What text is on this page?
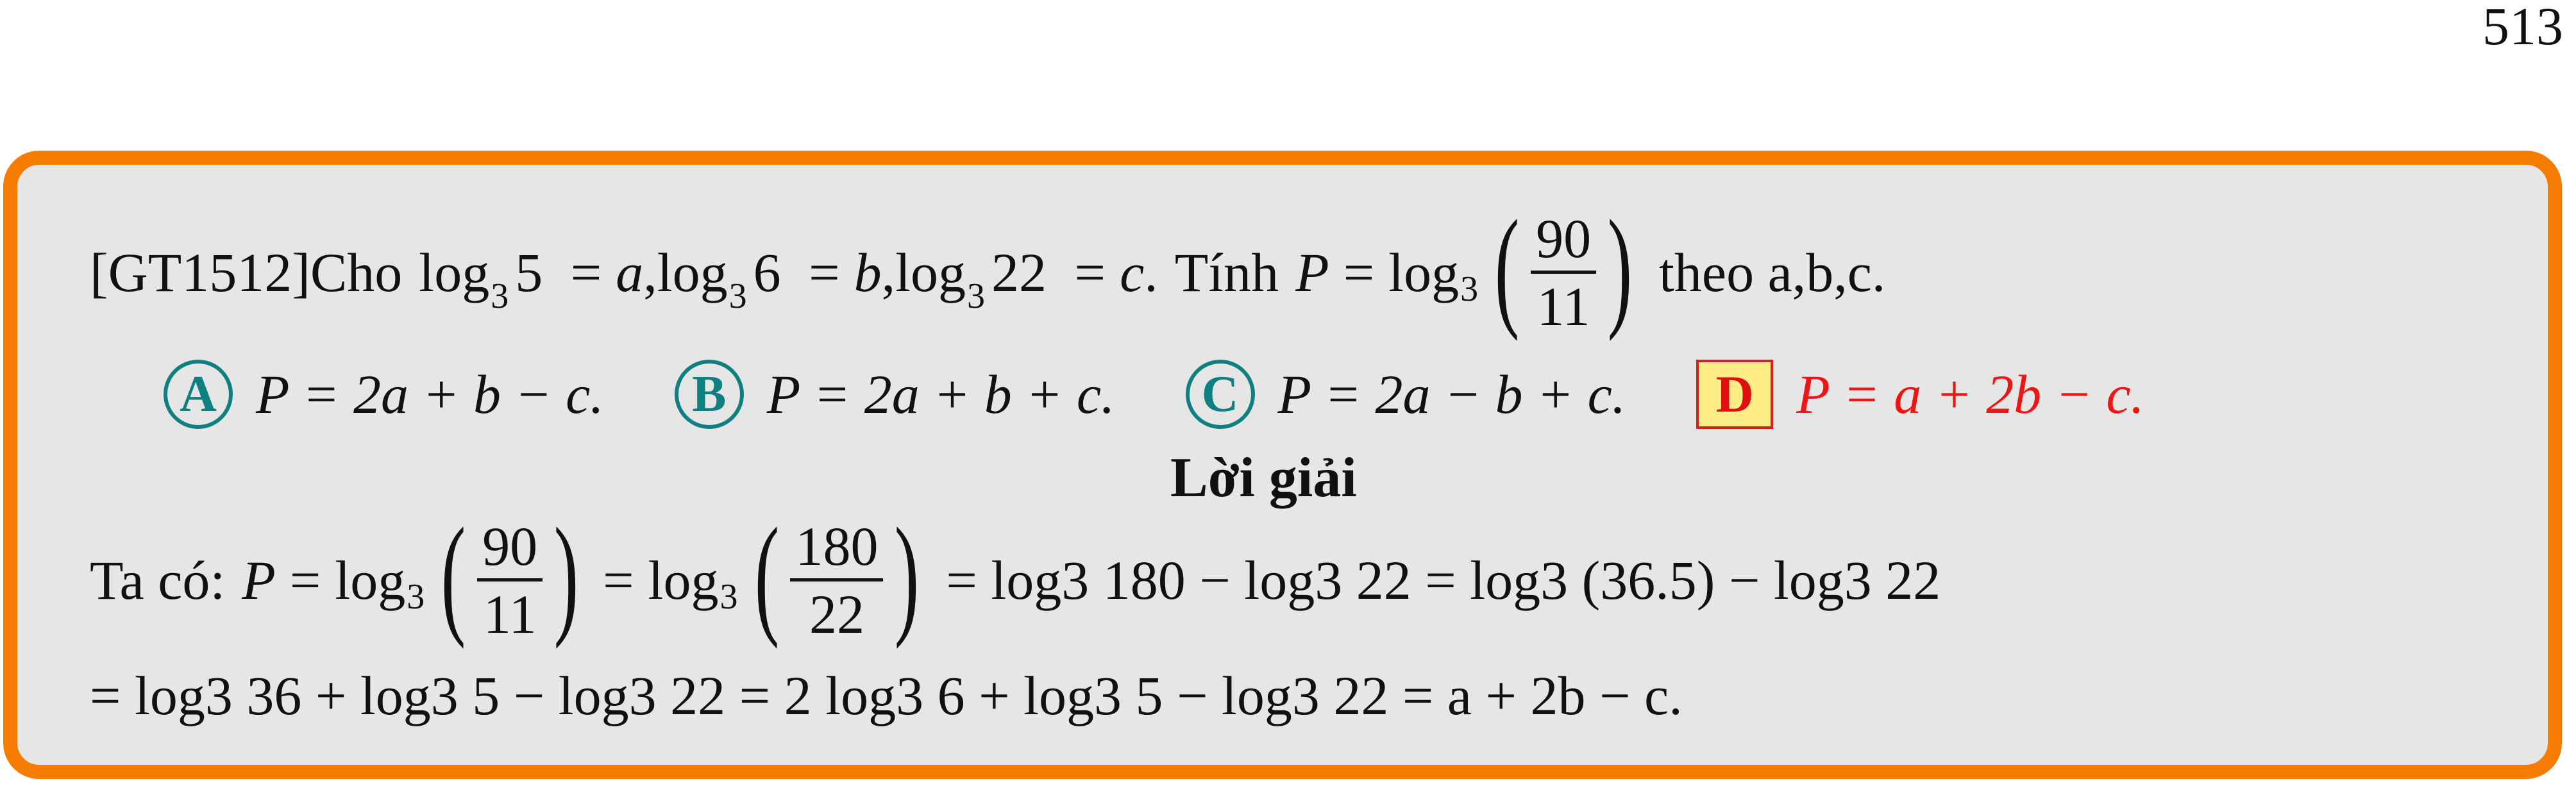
513
[GT1512] Cho $\log_3 5 = a$, $\log_3 6 = b$, $\log_3 22 = c$. Tính P = log 3 ( $\frac{90}{11}$ ) theo a,b,c.
A P = 2a + b − c.	B P = 2a + b + c.	C P = 2a − b + c.	D P = a + 2b − c.
Lời giải
Ta có: P = log 3 ( $\frac{90}{11}$ ) = log 3 ( $\frac{180}{22}$ ) = log3 180 − log3 22 = log3 (36.5) − log3 22
= log3 36 + log3 5 − log3 22 = 2 log3 6 + log3 5 − log3 22 = a + 2b − c.
